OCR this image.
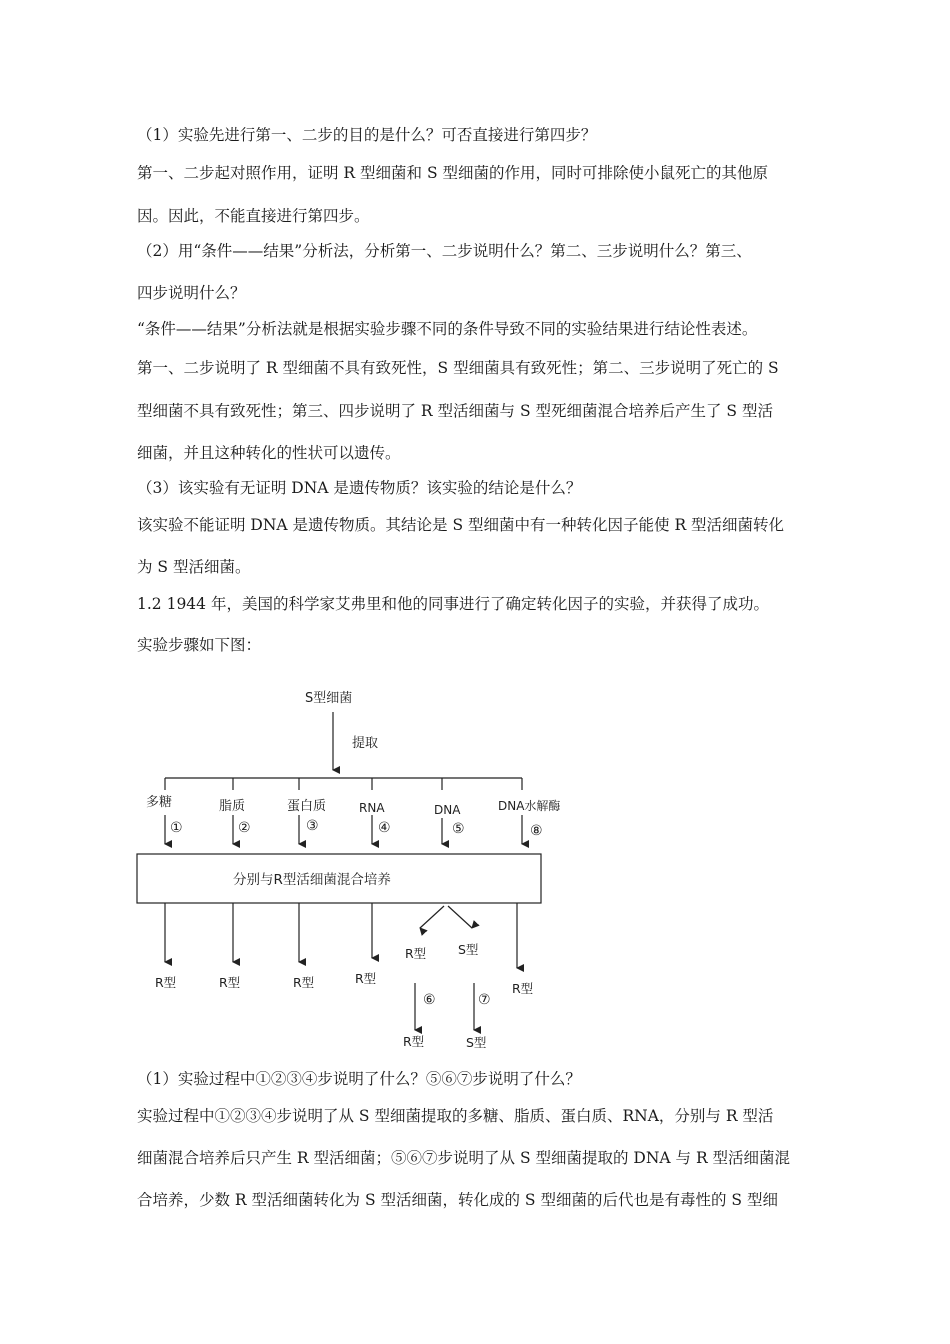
（1）实验先进行第一、二步的目的是什么？可否直接进行第四步？
第一、二步起对照作用，证明 R 型细菌和 S 型细菌的作用，同时可排除使小鼠死亡的其他原
因。因此，不能直接进行第四步。
（2）用“条件——结果”分析法，分析第一、二步说明什么？第二、三步说明什么？第三、
四步说明什么？
“条件——结果”分析法就是根据实验步骤不同的条件导致不同的实验结果进行结论性表述。
第一、二步说明了 R 型细菌不具有致死性，S 型细菌具有致死性；第二、三步说明了死亡的 S
型细菌不具有致死性；第三、四步说明了 R 型活细菌与 S 型死细菌混合培养后产生了 S 型活
细菌，并且这种转化的性状可以遗传。
（3）该实验有无证明 DNA 是遗传物质？该实验的结论是什么？
该实验不能证明 DNA 是遗传物质。其结论是 S 型细菌中有一种转化因子能使 R 型活细菌转化
为 S 型活细菌。
1.2 1944 年，美国的科学家艾弗里和他的同事进行了确定转化因子的实验，并获得了成功。
实验步骤如下图：
S型细菌
提取
多糖	脂质	蛋白质	RNA	DNA	DNA水解酶
①	②	③	④	⑤	⑧
分别与R型活细菌混合培养
R型	R型	R型	R型
R型	S型
R型
⑥	⑦
R型	S型
（1）实验过程中①②③④步说明了什么？⑤⑥⑦步说明了什么？
实验过程中①②③④步说明了从 S 型细菌提取的多糖、脂质、蛋白质、RNA，分别与 R 型活
细菌混合培养后只产生 R 型活细菌；⑤⑥⑦步说明了从 S 型细菌提取的 DNA 与 R 型活细菌混
合培养，少数 R 型活细菌转化为 S 型活细菌，转化成的 S 型细菌的后代也是有毒性的 S 型细
